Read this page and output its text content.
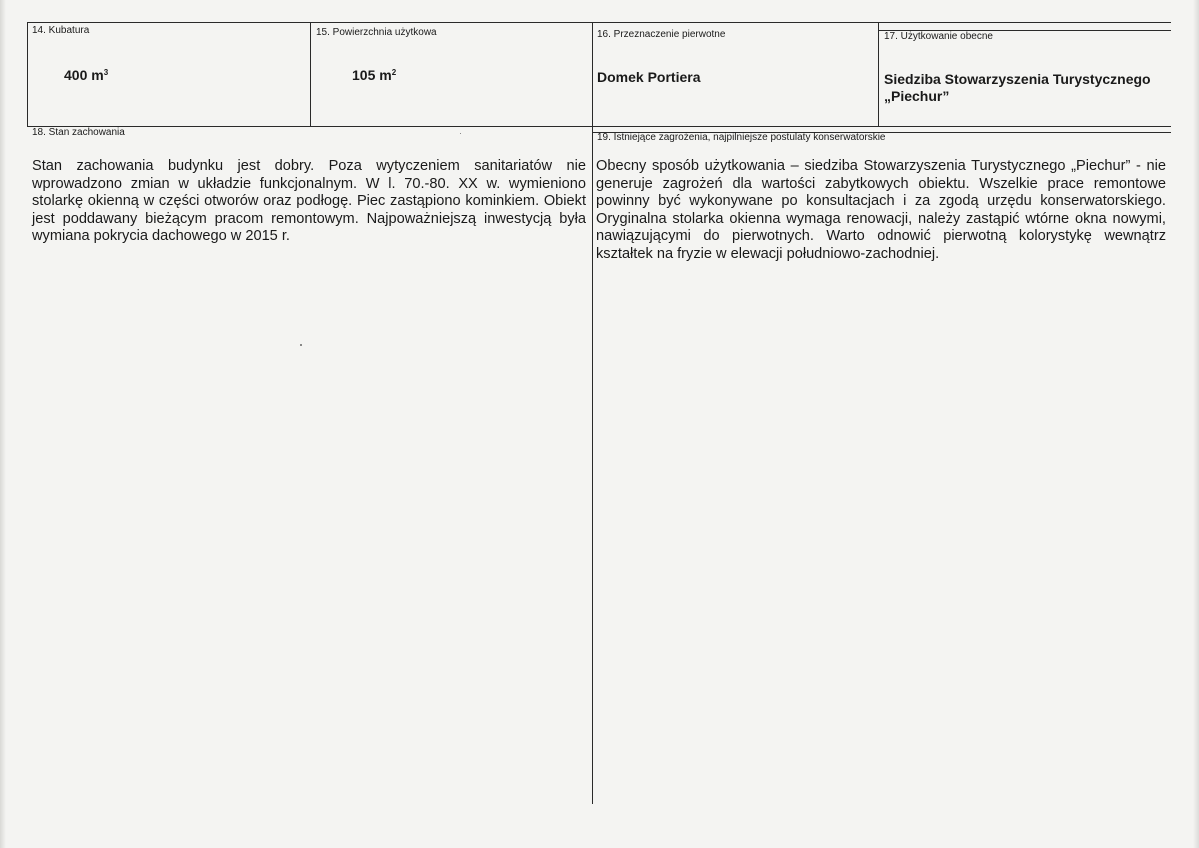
14. Kubatura
400 $m^3$
15. Powierzchnia użytkowa
105 $m^2$
16. Przeznaczenie pierwotne
Domek Portiera
17. Użytkowanie obecne
Siedziba Stowarzyszenia Turystycznego
„Piechur”
18. Stan zachowania

Stan zachowania budynku jest dobry. Poza wytyczeniem sanitariatów nie wprowadzono zmian w układzie funkcjonalnym. W l. 70.-80. XX w. wymieniono stolarkę okienną w części otworów oraz podłogę. Piec zastąpiono kominkiem. Obiekt jest poddawany bieżącym pracom remontowym. Najpoważniejszą inwestycją była wymiana pokrycia dachowego w 2015 r.

19. Istniejące zagrożenia, najpilniejsze postulaty konserwatorskie

Obecny sposób użytkowania – siedziba Stowarzyszenia Turystycznego „Piechur” - nie generuje zagrożeń dla wartości zabytkowych obiektu. Wszelkie prace remontowe powinny być wykonywane po konsultacjach i za zgodą urzędu konserwatorskiego. Oryginalna stolarka okienna wymaga renowacji, należy zastąpić wtórne okna nowymi, nawiązującymi do pierwotnych. Warto odnowić pierwotną kolorystykę wewnątrz kształtek na fryzie w elewacji południowo-zachodniej.
